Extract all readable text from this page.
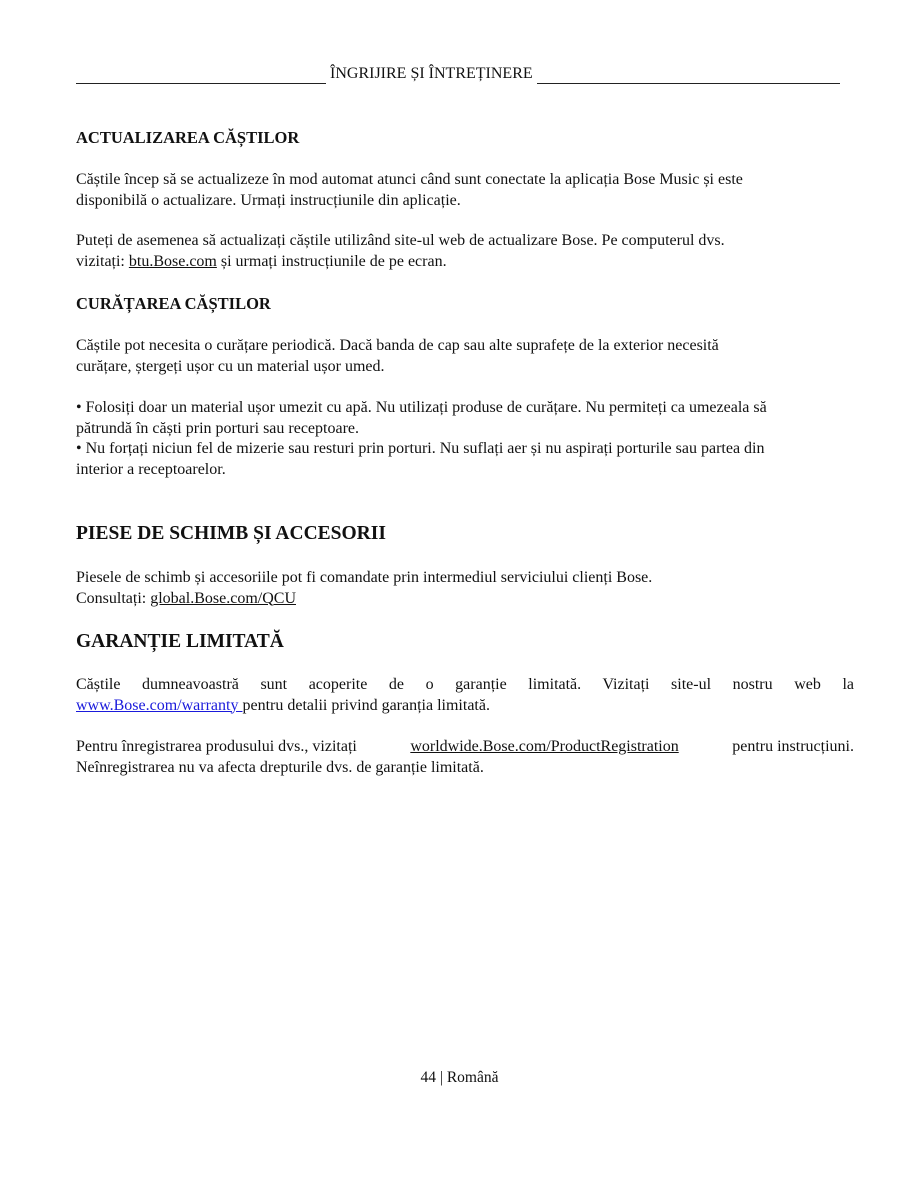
ÎNGRIJIRE ȘI ÎNTREȚINERE
ACTUALIZAREA CĂȘTILOR
Căștile încep să se actualizeze în mod automat atunci când sunt conectate la aplicația Bose Music și este
disponibilă o actualizare. Urmați instrucțiunile din aplicație.
Puteți de asemenea să actualizați căștile utilizând site-ul web de actualizare Bose. Pe computerul dvs.
vizitați: btu.Bose.com și urmați instrucțiunile de pe ecran.
CURĂȚAREA CĂȘTILOR
Căștile pot necesita o curățare periodică. Dacă banda de cap sau alte suprafețe de la exterior necesită
curățare, ștergeți ușor cu un material ușor umed.
• Folosiți doar un material ușor umezit cu apă. Nu utilizați produse de curățare. Nu permiteți ca umezeala să
pătrundă în căști prin porturi sau receptoare.
• Nu forțați niciun fel de mizerie sau resturi prin porturi. Nu suflați aer și nu aspirați porturile sau partea din
interior a receptoarelor.
PIESE DE SCHIMB ȘI ACCESORII
Piesele de schimb și accesoriile pot fi comandate prin intermediul serviciului clienți Bose.
Consultați: global.Bose.com/QCU
GARANȚIE LIMITATĂ
Căștile dumneavoastră sunt acoperite de o garanție limitată. Vizitați site-ul nostru web la
www.Bose.com/warranty pentru detalii privind garanția limitată.
Pentru înregistrarea produsului dvs., vizitați	worldwide.Bose.com/ProductRegistration	pentru instrucțiuni.
Neînregistrarea nu va afecta drepturile dvs. de garanție limitată.
44 | Română
